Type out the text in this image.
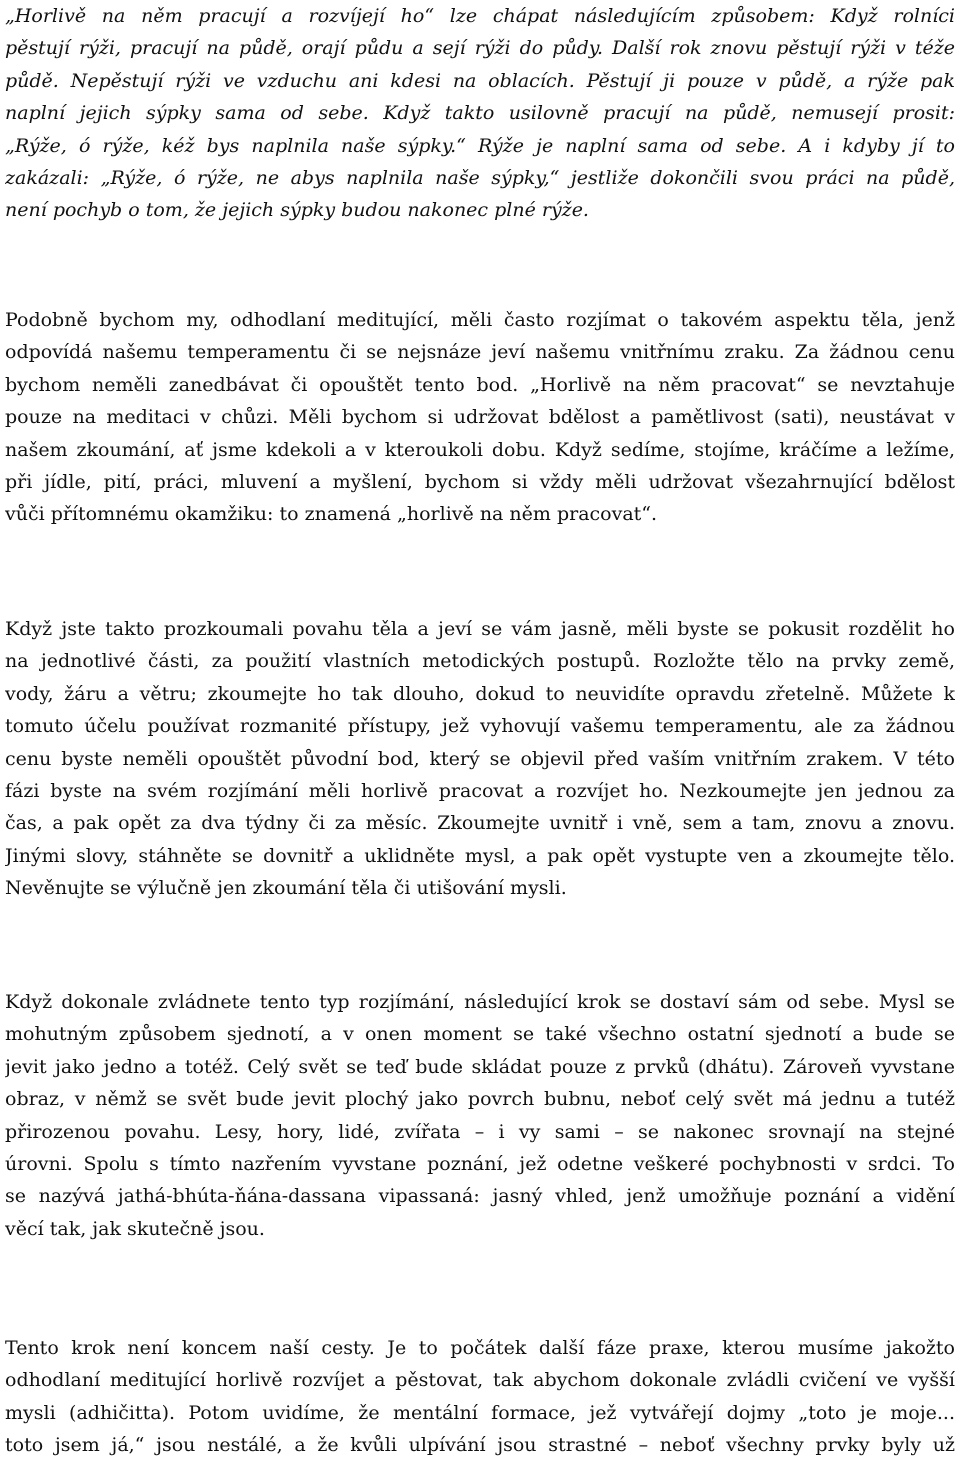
„Horlivě na něm pracují a rozvíjejí ho“ lze chápat následujícím způsobem: Když rolníci
pěstují rýži, pracují na půdě, orají půdu a sejí rýži do půdy. Další rok znovu pěstují rýži v téže
půdě. Nepěstují rýži ve vzduchu ani kdesi na oblacích. Pěstují ji pouze v půdě, a rýže pak
naplní jejich sýpky sama od sebe. Když takto usilovně pracují na půdě, nemusejí prosit:
„Rýže, ó rýže, kéž bys naplnila naše sýpky.“ Rýže je naplní sama od sebe. A i kdyby jí to
zakázali: „Rýže, ó rýže, ne abys naplnila naše sýpky,“ jestliže dokončili svou práci na půdě,
není pochyb o tom, že jejich sýpky budou nakonec plné rýže.

Podobně bychom my, odhodlaní meditující, měli často rozjímat o takovém aspektu těla, jenž
odpovídá našemu temperamentu či se nejsnáze jeví našemu vnitřnímu zraku. Za žádnou cenu
bychom neměli zanedbávat či opouštět tento bod. „Horlivě na něm pracovat“ se nevztahuje
pouze na meditaci v chůzi. Měli bychom si udržovat bdělost a pamětlivost (sati), neustávat v
našem zkoumání, ať jsme kdekoli a v kteroukoli dobu. Když sedíme, stojíme, kráčíme a ležíme,
při jídle, pití, práci, mluvení a myšlení, bychom si vždy měli udržovat všezahrnující bdělost
vůči přítomnému okamžiku: to znamená „horlivě na něm pracovat“.

Když jste takto prozkoumali povahu těla a jeví se vám jasně, měli byste se pokusit rozdělit ho
na jednotlivé části, za použití vlastních metodických postupů. Rozložte tělo na prvky země,
vody, žáru a větru; zkoumejte ho tak dlouho, dokud to neuvidíte opravdu zřetelně. Můžete k
tomuto účelu používat rozmanité přístupy, jež vyhovují vašemu temperamentu, ale za žádnou
cenu byste neměli opouštět původní bod, který se objevil před vaším vnitřním zrakem. V této
fázi byste na svém rozjímání měli horlivě pracovat a rozvíjet ho. Nezkoumejte jen jednou za
čas, a pak opět za dva týdny či za měsíc. Zkoumejte uvnitř i vně, sem a tam, znovu a znovu.
Jinými slovy, stáhněte se dovnitř a uklidněte mysl, a pak opět vystupte ven a zkoumejte tělo.
Nevěnujte se výlučně jen zkoumání těla či utišování mysli.

Když dokonale zvládnete tento typ rozjímání, následující krok se dostaví sám od sebe. Mysl se
mohutným způsobem sjednotí, a v onen moment se také všechno ostatní sjednotí a bude se
jevit jako jedno a totéž. Celý svět se teď bude skládat pouze z prvků (dhátu). Zároveň vyvstane
obraz, v němž se svět bude jevit plochý jako povrch bubnu, neboť celý svět má jednu a tutéž
přirozenou povahu. Lesy, hory, lidé, zvířata – i vy sami – se nakonec srovnají na stejné
úrovni. Spolu s tímto nazřením vyvstane poznání, jež odetne veškeré pochybnosti v srdci. To
se nazývá jathá-bhúta-ňána-dassana vipassaná: jasný vhled, jenž umožňuje poznání a vidění
věcí tak, jak skutečně jsou.

Tento krok není koncem naší cesty. Je to počátek další fáze praxe, kterou musíme jakožto
odhodlaní meditující horlivě rozvíjet a pěstovat, tak abychom dokonale zvládli cvičení ve vyšší
mysli (adhičitta). Potom uvidíme, že mentální formace, jež vytvářejí dojmy „toto je moje...
toto jsem já,“ jsou nestálé, a že kvůli ulpívání jsou strastné – neboť všechny prvky byly už
